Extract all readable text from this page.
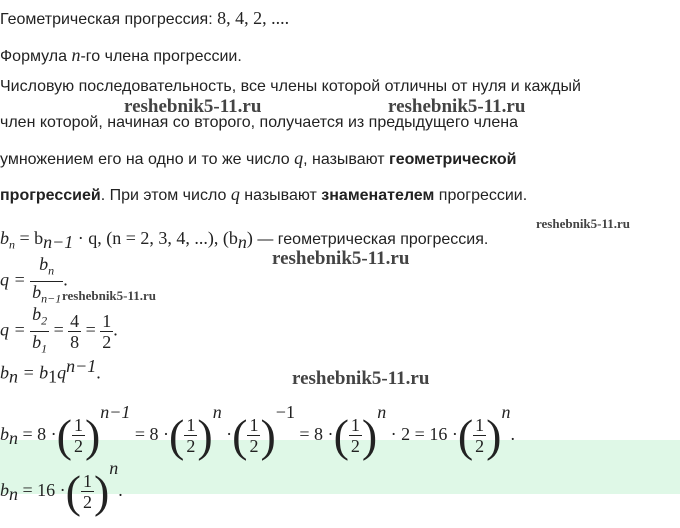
Геометрическая прогрессия: 8, 4, 2, ....
Формула n-го члена прогрессии.
Числовую последовательность, все члены которой отличны от нуля и каждый
член которой, начиная со второго, получается из предыдущего члена
умножением его на одно и то же число q, называют геометрической
прогрессией. При этом число q называют знаменателем прогрессии.
$b_n = b_{n-1} \cdot q$, (n = 2, 3, 4, ...), $(b_n)$ — геометрическая прогрессия.
$q = \frac{b_n}{b_{n-1}}$ .
$q = \frac{b_2}{b_1} = \frac{4}{8} = \frac{1}{2}$ .
$b_n = b_1q^{n-1}$.
$b_n = 8$ ·( $\frac{1}{2} )^{n-1} = 8$ ·( $\frac{1}{2} )^n$ ·( $\frac{1}{2} )^{-1} = 8$ ·( $\frac{1}{2} )^n \cdot 2 = 16$ ·( $\frac{1}{2} )^n$.
$b_n = 16$ ·( $\frac{1}{2} )^n$.
reshebnik5-11.ru	reshebnik5-11.ru
reshebnik5-11.ru
reshebnik5-11.ru
reshebnik5-11.ru
reshebnik5-11.ru
